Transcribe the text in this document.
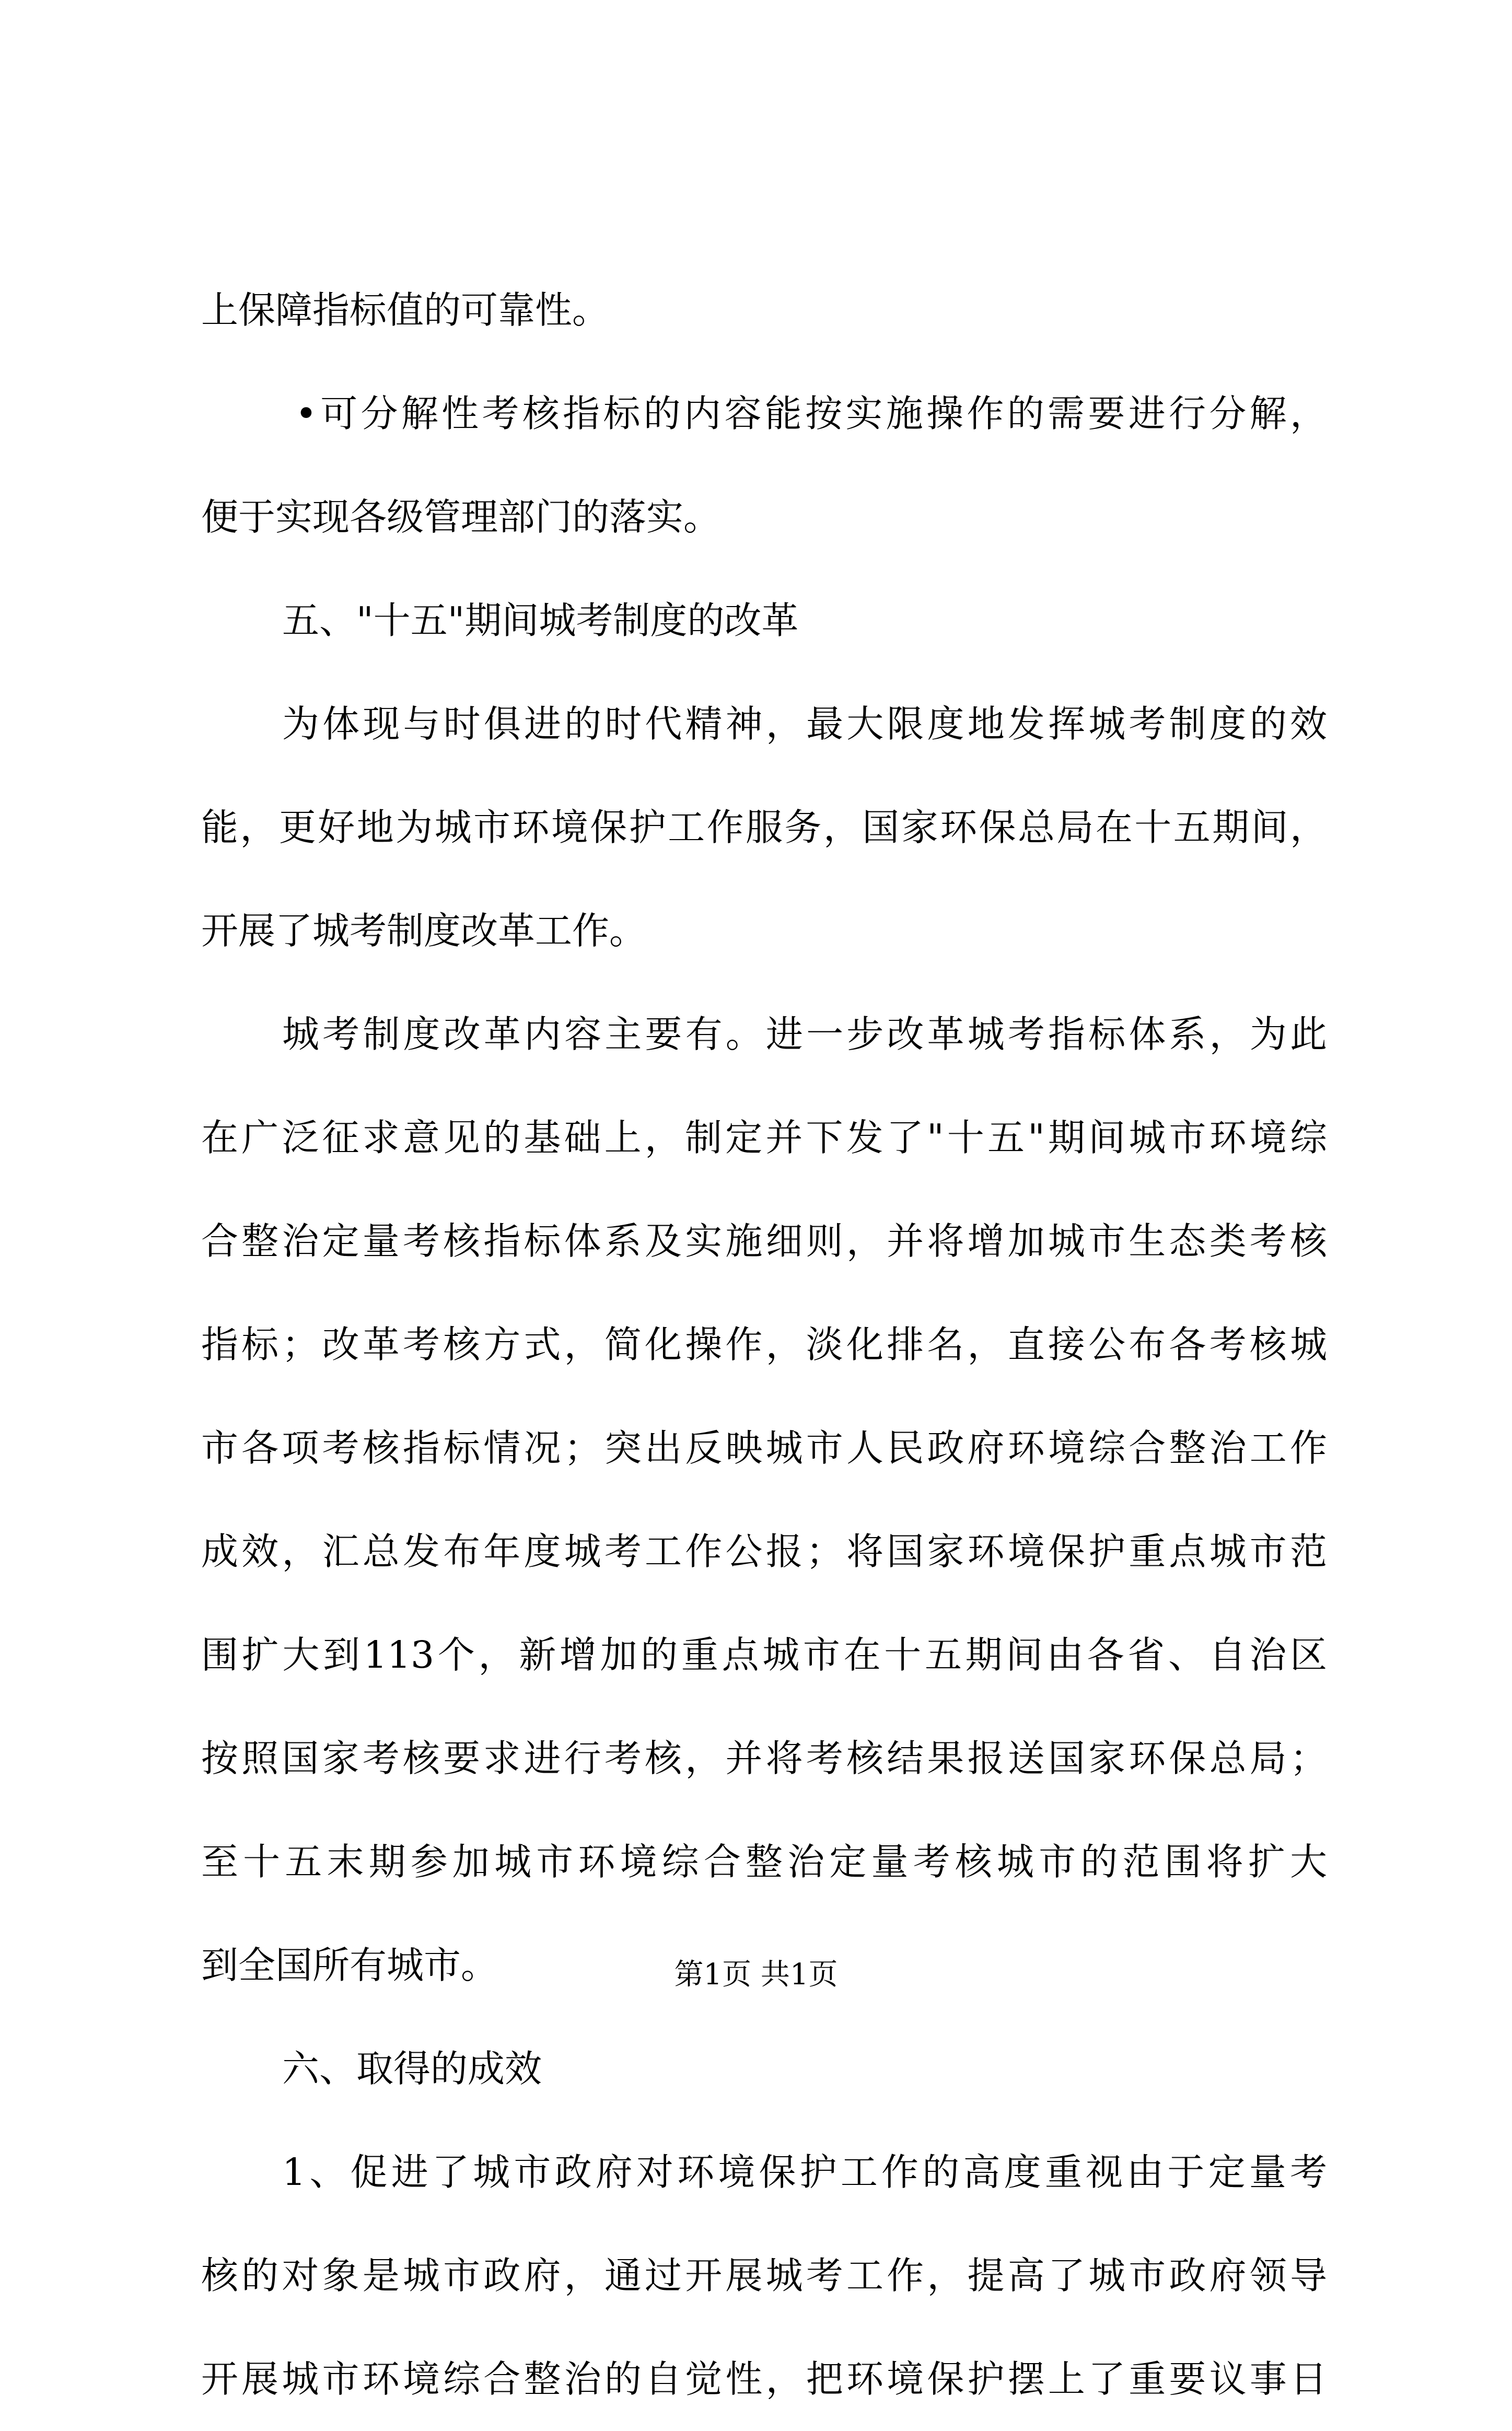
上保障指标值的可靠性。
•可分解性考核指标的内容能按实施操作的需要进行分解，
便于实现各级管理部门的落实。
五、"十五"期间城考制度的改革
为体现与时俱进的时代精神，最大限度地发挥城考制度的效
能，更好地为城市环境保护工作服务，国家环保总局在十五期间，
开展了城考制度改革工作。
城考制度改革内容主要有。进一步改革城考指标体系，为此
在广泛征求意见的基础上，制定并下发了"十五"期间城市环境综
合整治定量考核指标体系及实施细则，并将增加城市生态类考核
指标；改革考核方式，简化操作，淡化排名，直接公布各考核城
市各项考核指标情况；突出反映城市人民政府环境综合整治工作
成效，汇总发布年度城考工作公报；将国家环境保护重点城市范
围扩大到113个，新增加的重点城市在十五期间由各省、自治区
按照国家考核要求进行考核，并将考核结果报送国家环保总局；
至十五末期参加城市环境综合整治定量考核城市的范围将扩大
到全国所有城市。
六、取得的成效
1、促进了城市政府对环境保护工作的高度重视由于定量考
核的对象是城市政府，通过开展城考工作，提高了城市政府领导
开展城市环境综合整治的自觉性，把环境保护摆上了重要议事日
第1页 共1页
